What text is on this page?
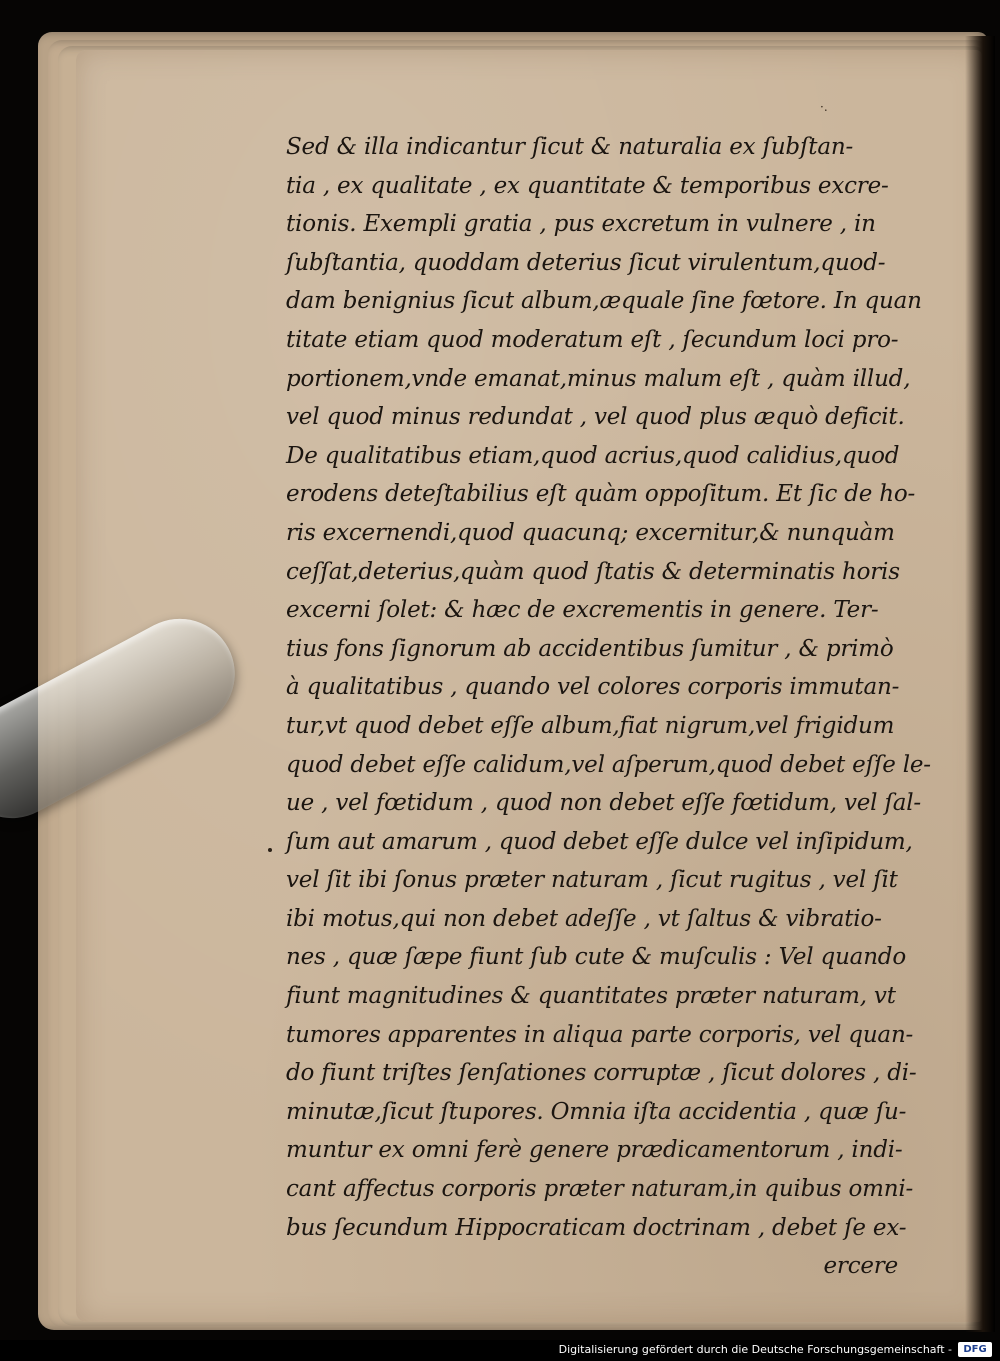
·.
Sed & illa indicantur ſicut & naturalia ex ſubſtan-
tia , ex qualitate , ex quantitate & temporibus excre-
tionis. Exempli gratia , pus excretum in vulnere , in
ſubſtantia, quoddam deterius ſicut virulentum,quod-
dam benignius ſicut album,æquale ſine fœtore. In quan
titate etiam quod moderatum eſt , ſecundum loci pro-
portionem,vnde emanat,minus malum eſt , quàm illud,
vel quod minus redundat , vel quod plus æquò deficit.
De qualitatibus etiam,quod acrius,quod calidius,quod
erodens deteſtabilius eſt quàm oppoſitum. Et ſic de ho-
ris excernendi,quod quacunq; excernitur,& nunquàm
ceſſat,deterius,quàm quod ſtatis & determinatis horis
excerni ſolet: & hæc de excrementis in genere. Ter-
tius fons ſignorum ab accidentibus ſumitur , & primò
à qualitatibus , quando vel colores corporis immutan-
tur,vt quod debet eſſe album,fiat nigrum,vel frigidum
quod debet eſſe calidum,vel aſperum,quod debet eſſe le-
ue , vel fœtidum , quod non debet eſſe fœtidum, vel ſal-
ſum aut amarum , quod debet eſſe dulce vel inſipidum,
vel ſit ibi ſonus præter naturam , ſicut rugitus , vel ſit
ibi motus,qui non debet adeſſe , vt ſaltus & vibratio-
nes , quæ ſæpe fiunt ſub cute & muſculis : Vel quando
fiunt magnitudines & quantitates præter naturam, vt
tumores apparentes in aliqua parte corporis, vel quan-
do fiunt triſtes ſenſationes corruptæ , ſicut dolores , di-
minutæ,ſicut ſtupores. Omnia iſta accidentia , quæ ſu-
muntur ex omni ferè genere prædicamentorum , indi-
cant affectus corporis præter naturam,in quibus omni-
bus ſecundum Hippocraticam doctrinam , debet ſe ex-
ercere
Digitalisierung gefördert durch die Deutsche Forschungsgemeinschaft -	DFG
